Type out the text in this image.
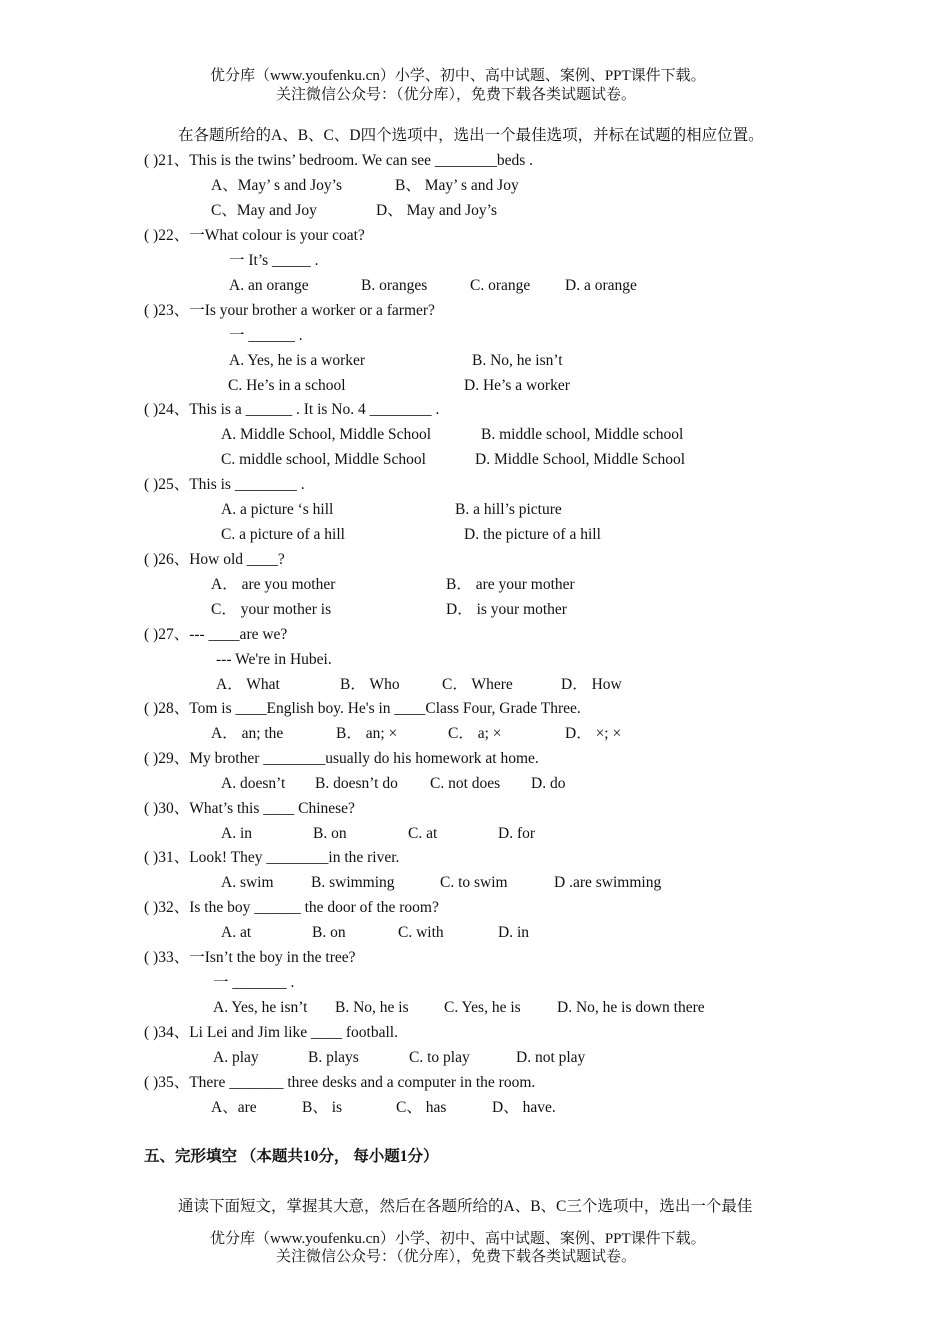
优分库（www.youfenku.cn）小学、初中、高中试题、案例、PPT课件下载。
关注微信公众号：（优分库），免费下载各类试题试卷。
在各题所给的A、B、C、D四个选项中，选出一个最佳选项，并标在试题的相应位置。
( )21、This is the twins’ bedroom. We can see ________beds .
A、May’ s and Joy’s	B、 May’ s and Joy
C、May and Joy	D、 May and Joy’s
( )22、一What colour is your coat?
一 It’s _____ .
A. an orange	B. oranges	C. orange D. a orange
( )23、一Is your brother a worker or a farmer?
一 ______ .
A. Yes, he is a worker	B. No, he isn’t
C. He’s in a school	D. He’s a worker
( )24、This is a ______ . It is No. 4 ________ .
A. Middle School, Middle School	B. middle school, Middle school
C. middle school, Middle School	D. Middle School, Middle School
( )25、This is ________ .
A. a picture ‘s hill	B. a hill’s picture
C. a picture of a hill	D. the picture of a hill
( )26、How old ____?
A． are you mother	B． are your mother
C． your mother is	D． is your mother
( )27、--- ____are we?
--- We're in Hubei.
A． What	B． Who	C． Where	D． How
( )28、Tom is ____English boy. He's in ____Class Four, Grade Three.
A． an; the	B． an; ×	C． a; ×	D． ×; ×
( )29、My brother ________usually do his homework at home.
A. doesn’t B. doesn’t do C. not does D. do
( )30、What’s this ____ Chinese?
A. in	B. on	C. at	D. for
( )31、Look! They ________in the river.
A. swim B. swimming	C. to swim	D .are swimming
( )32、Is the boy ______ the door of the room?
A. at	B. on	C. with	D. in
( )33、一Isn’t the boy in the tree?
一 _______ .
A. Yes, he isn’t B. No, he is C. Yes, he is D. No, he is down there
( )34、Li Lei and Jim like ____ football.
A. play	B. plays	C. to play	D. not play
( )35、There _______ three desks and a computer in the room.
A、are	B、 is	C、 has	D、 have.
五、完形填空 （本题共10分， 每小题1分）
通读下面短文，掌握其大意，然后在各题所给的A、B、C三个选项中，选出一个最佳
优分库（www.youfenku.cn）小学、初中、高中试题、案例、PPT课件下载。
关注微信公众号：（优分库），免费下载各类试题试卷。
